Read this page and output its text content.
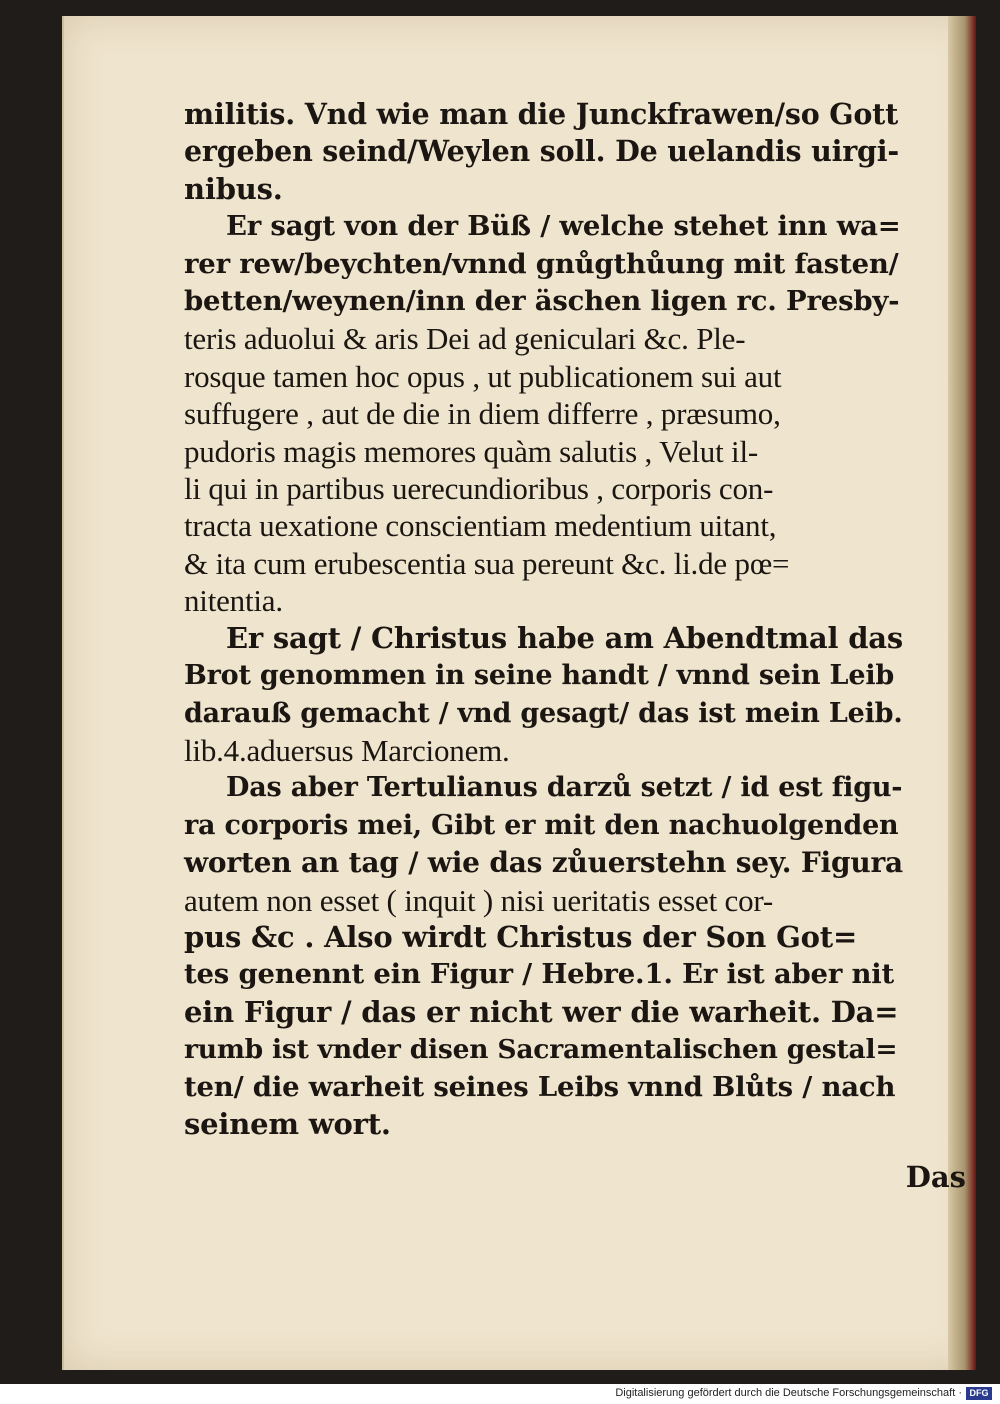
militis. Vnd wie man die Junckfrawen/so Gott

ergeben seind/Weylen soll. De uelandis uirgi-

nibus.

Er sagt von der Büß / welche stehet inn wa=

rer rew/beychten/vnnd gnůgthůung mit fasten/

betten/weynen/inn der äschen ligen rc. Presby-

teris aduolui & aris Dei ad geniculari &c. Ple-

rosque tamen hoc opus , ut publicationem sui aut

suffugere , aut de die in diem differre , præsumo,

pudoris magis memores quàm salutis , Velut il-

li qui in partibus uerecundioribus , corporis con-

tracta uexatione conscientiam medentium uitant,

& ita cum erubescentia sua pereunt &c. li.de pœ=

nitentia.

Er sagt / Christus habe am Abendtmal das

Brot genommen in seine handt / vnnd sein Leib

darauß gemacht / vnd gesagt/ das ist mein Leib.

lib.4.aduersus Marcionem.

Das aber Tertulianus darzů setzt / id est figu-

ra corporis mei, Gibt er mit den nachuolgenden

worten an tag / wie das zůuerstehn sey. Figura

autem non esset ( inquit ) nisi ueritatis esset cor-

pus &c . Also wirdt Christus der Son Got=

tes genennt ein Figur / Hebre.1. Er ist aber nit

ein Figur / das er nicht wer die warheit. Da=

rumb ist vnder disen Sacramentalischen gestal=

ten/ die warheit seines Leibs vnnd Blůts / nach

seinem wort.

Das
Digitalisierung gefördert durch die Deutsche Forschungsgemeinschaft · DFG
